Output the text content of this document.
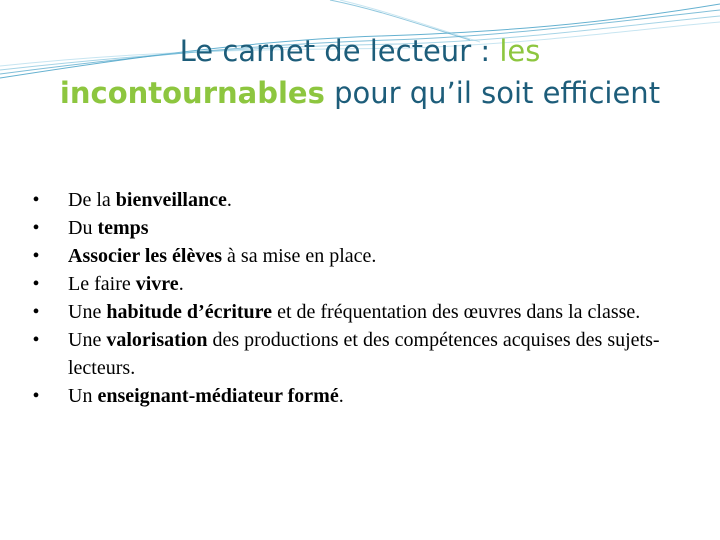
Le carnet de lecteur : les
incontournables pour qu’il soit efficient
• De la bienveillance.
• Du temps
• Associer les élèves à sa mise en place.
• Le faire vivre.
• Une habitude d’écriture et de fréquentation des œuvres dans la classe.
• Une valorisation des productions et des compétences acquises des sujets-lecteurs.
• Un enseignant-médiateur formé.
